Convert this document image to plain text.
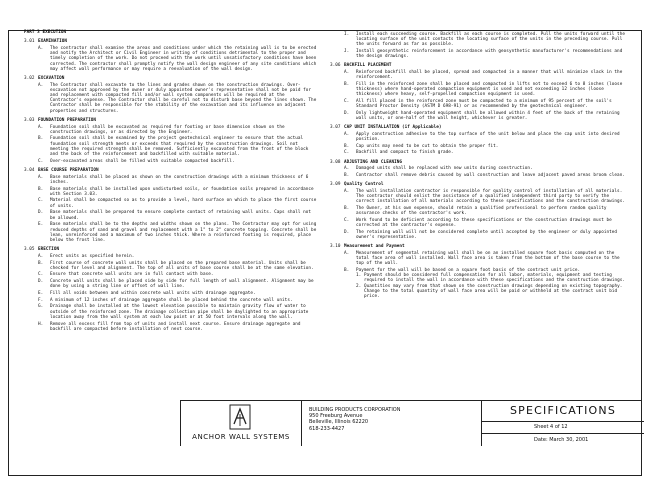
PART 3 EXECUTION
3.01 EXAMINATION
A.	The contractor shall examine the areas and conditions under which the retaining wall is to be erected and notify the Architect or Civil Engineer in writing of conditions detrimental to the proper and timely completion of the work. Do not proceed with the work until unsatisfactory conditions have been corrected. The contractor shall promptly notify the wall design engineer of any site conditions which may affect wall performance or may require a reevaluation of the wall design.
3.02 EXCAVATION
A.	The Contractor shall excavate to the lines and grades shown on the construction drawings. Over-excavation not approved by the owner or duly appointed owner's representative shall not be paid for and replacement with compacted fill and/or wall system components will be required at the Contractor's expense. The Contractor shall be careful not to disturb base beyond the lines shown. The Contractor shall be responsible for the stability of the excavation and its influence on adjacent properties and structures.
3.03 FOUNDATION PREPARATION
A.	Foundation soil shall be excavated as required for footing or base dimension shown on the construction drawings, or as directed by the Engineer.
B.	Foundation soil shall be examined by the project geotechnical engineer to ensure that the actual foundation soil strength meets or exceeds that required by the construction drawings. Soil not meeting the required strength shall be removed. Sufficiently excavated from the front of the block and the back of the reinforcement and backfilled with suitable material.
C.	Over-excavated areas shall be filled with suitable compacted backfill.
3.04 BASE COURSE PREPARATION
A.	Base materials shall be placed as shown on the construction drawings with a minimum thickness of 6 inches.
B.	Base materials shall be installed upon undisturbed soils, or foundation soils prepared in accordance with Section 3.03.
C.	Material shall be compacted so as to provide a level, hard surface on which to place the first course of units.
D.	Base materials shall be prepared to ensure complete contact of retaining wall units. Caps shall not be allowed.
E.	Base materials shall be to the depths and widths shown on the plans. The Contractor may opt for using reduced depths of sand and gravel and replacement with a 1" to 2" concrete topping. Concrete shall be lean, unreinforced and a maximum of two inches thick. Where a reinforced footing is required, place below the frost line.
3.05 ERECTION
A.	Erect units as specified herein.
B.	First course of concrete wall units shall be placed on the prepared base material. Units shall be checked for level and alignment. The top of all units of base course shall be at the same elevation.
C.	Ensure that concrete wall units are in full contact with base.
D.	Concrete wall units shall be placed side by side for full length of wall alignment. Alignment may be done by using a string line or offset of wall line.
E.	Fill all voids between and within concrete wall units with drainage aggregate.
F.	A minimum of 12 inches of drainage aggregate shall be placed behind the concrete wall units.
G.	Drainage shall be installed at the lowest elevation possible to maintain gravity flow of water to outside of the reinforced zone. The drainage collection pipe shall be daylighted to an appropriate location away from the wall system at each low point or at 50 foot intervals along the wall.
H.	Remove all excess fill from top of units and install next course. Ensure drainage aggregate and backfill are compacted before installation of next course.
I.	Install each succeeding course. Backfill as each course is completed. Pull the units forward until the locating surface of the unit contacts the locating surface of the units in the preceding course. Pull the units forward as far as possible.
J.	Install geosynthetic reinforcement in accordance with geosynthetic manufacturer's recommendations and the design drawings.
3.06 BACKFILL PLACEMENT
A.	Reinforced backfill shall be placed, spread and compacted in a manner that will minimize slack in the reinforcement.
B.	Fill in the reinforced zone shall be placed and compacted in lifts not to exceed 6 to 8 inches (loose thickness) where hand-operated compaction equipment is used and not exceeding 12 inches (loose thickness) where heavy, self-propelled compaction equipment is used.
C.	All fill placed in the reinforced zone must be compacted to a minimum of 95 percent of the soil's Standard Proctor Density (ASTM D 698-91) or as recommended by the geotechnical engineer.
D.	Only lightweight hand-operated equipment shall be allowed within 4 feet of the back of the retaining wall units, or one-half of the wall height, whichever is greater.
3.07 CAP UNIT INSTALLATION (if Applicable)
A.	Apply construction adhesive to the top surface of the unit below and place the cap unit into desired position.
B.	Cap units may need to be cut to obtain the proper fit.
C.	Backfill and compact to finish grade.
3.08 ADJUSTING AND CLEANING
A.	Damaged units shall be replaced with new units during construction.
B.	Contractor shall remove debris caused by wall construction and leave adjacent paved areas broom clean.
3.09 Quality Control
A.	The wall installation contractor is responsible for quality control of installation of all materials. The contractor should enlist the assistance of a qualified independent third party to verify the correct installation of all materials according to these specifications and the construction drawings.
B.	The Owner, at his own expense, should retain a qualified professional to perform random quality assurance checks of the contractor's work.
C.	Work found to be deficient according to these specifications or the construction drawings must be corrected at the contractor's expense.
D.	The retaining wall will not be considered complete until accepted by the engineer or duly appointed owner's representative.
3.10 Measurement and Payment
A.	Measurement of segmental retaining wall shall be on an installed square foot basis computed on the total face area of wall installed. Wall face area is taken from the bottom of the base course to the top of the wall.
B.	Payment for the wall will be based on a square foot basis of the contract unit price.
1. Payment should be considered full compensation for all labor, materials, equipment and testing required to install the wall in accordance with these specifications and the construction drawings.
2. Quantities may vary from that shown on the construction drawings depending on existing topography. Change to the total quantity of wall face area will be paid or withheld at the contract unit bid price.
ANCHOR WALL SYSTEMS
BUILDING PRODUCTS CORPORATION
950 Freeburg Avenue
Belleville, Illinois 62220
618-233-4427
SPECIFICATIONS
Sheet 4 of 12
Date: March 30, 2001
